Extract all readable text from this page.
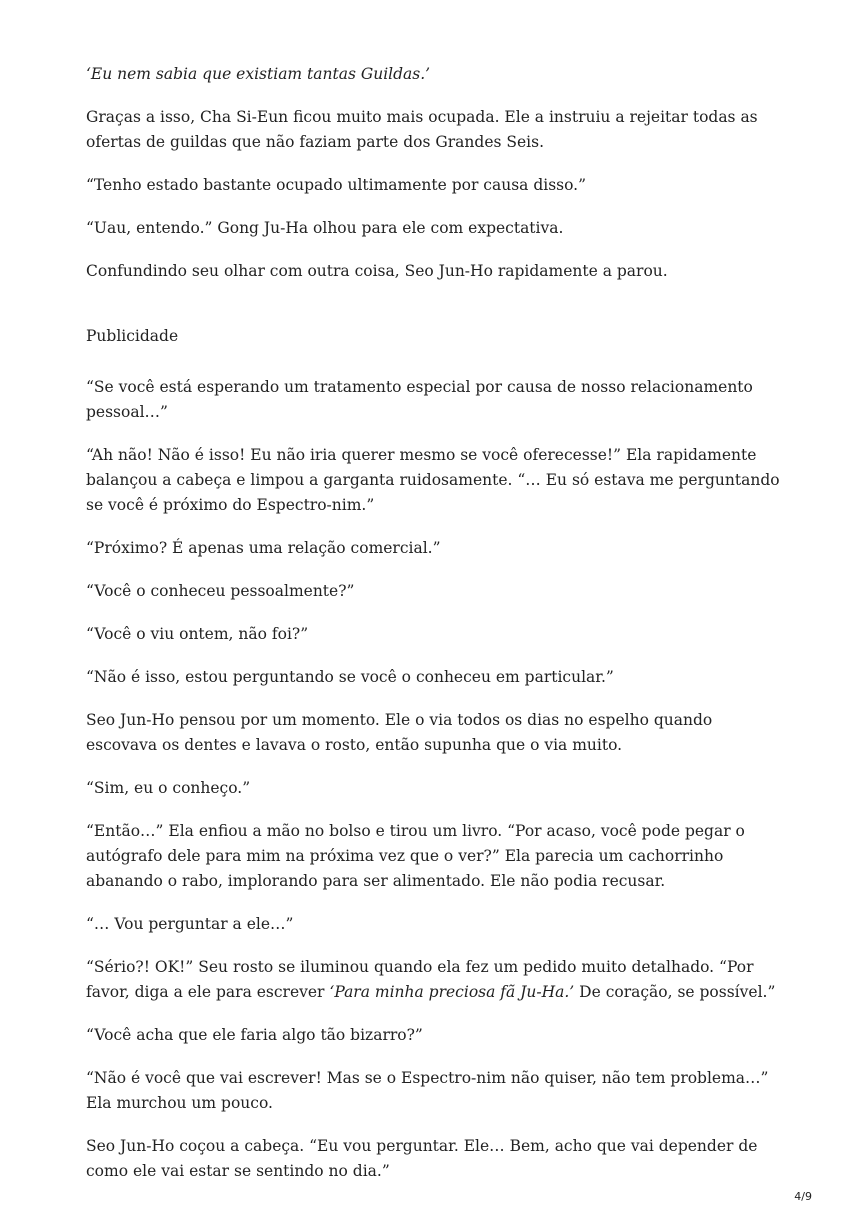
‘Eu nem sabia que existiam tantas Guildas.’

Graças a isso, Cha Si-Eun ficou muito mais ocupada. Ele a instruiu a rejeitar todas as ofertas de guildas que não faziam parte dos Grandes Seis.

“Tenho estado bastante ocupado ultimamente por causa disso.”

“Uau, entendo.” Gong Ju-Ha olhou para ele com expectativa.

Confundindo seu olhar com outra coisa, Seo Jun-Ho rapidamente a parou.

Publicidade

“Se você está esperando um tratamento especial por causa de nosso relacionamento pessoal…”

“Ah não! Não é isso! Eu não iria querer mesmo se você oferecesse!” Ela rapidamente balançou a cabeça e limpou a garganta ruidosamente. “… Eu só estava me perguntando se você é próximo do Espectro-nim.”

“Próximo? É apenas uma relação comercial.”

“Você o conheceu pessoalmente?”

“Você o viu ontem, não foi?”

“Não é isso, estou perguntando se você o conheceu em particular.”

Seo Jun-Ho pensou por um momento. Ele o via todos os dias no espelho quando escovava os dentes e lavava o rosto, então supunha que o via muito.

“Sim, eu o conheço.”

“Então…” Ela enfiou a mão no bolso e tirou um livro. “Por acaso, você pode pegar o autógrafo dele para mim na próxima vez que o ver?” Ela parecia um cachorrinho abanando o rabo, implorando para ser alimentado. Ele não podia recusar.

“… Vou perguntar a ele…”

“Sério?! OK!” Seu rosto se iluminou quando ela fez um pedido muito detalhado. “Por favor, diga a ele para escrever ‘Para minha preciosa fã Ju-Ha.’ De coração, se possível.”

“Você acha que ele faria algo tão bizarro?”

“Não é você que vai escrever! Mas se o Espectro-nim não quiser, não tem problema…” Ela murchou um pouco.

Seo Jun-Ho coçou a cabeça. “Eu vou perguntar. Ele… Bem, acho que vai depender de como ele vai estar se sentindo no dia.”

4/9
